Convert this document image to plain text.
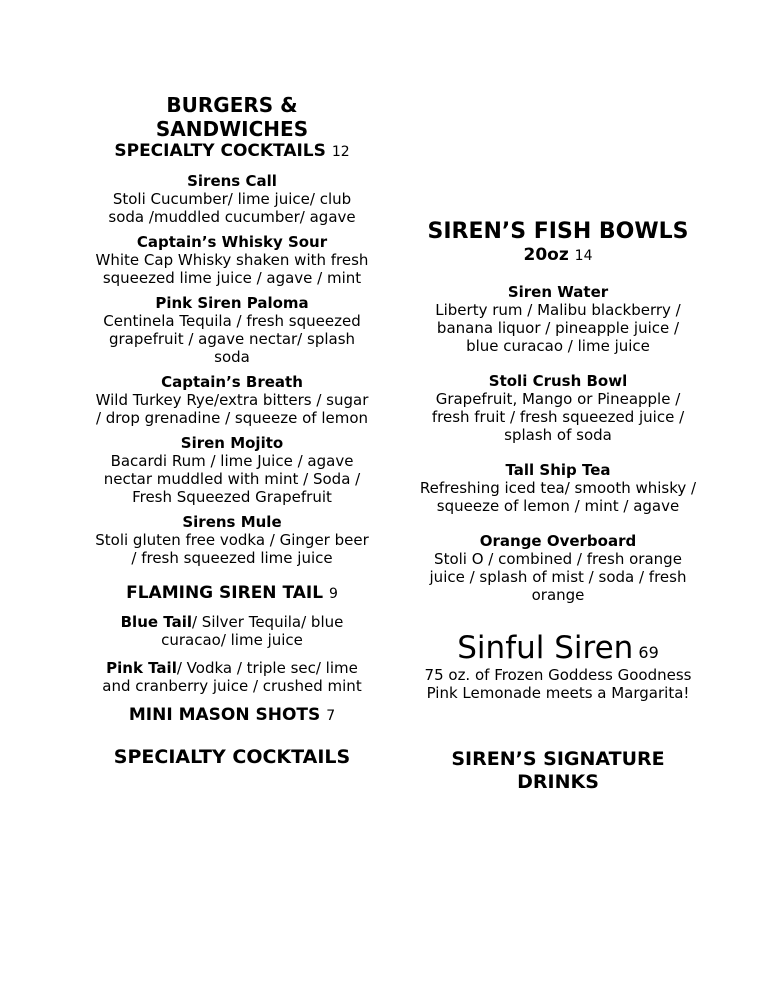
BURGERS & SANDWICHES
SPECIALTY COCKTAILS 12
Sirens Call
Stoli Cucumber/ lime juice/ club soda /muddled cucumber/ agave
Captain’s Whisky Sour
White Cap Whisky shaken with fresh squeezed lime juice / agave / mint
Pink Siren Paloma
Centinela Tequila / fresh squeezed grapefruit / agave nectar/ splash soda
Captain’s Breath
Wild Turkey Rye/extra bitters / sugar / drop grenadine / squeeze of lemon
Siren Mojito
Bacardi Rum / lime Juice / agave nectar muddled with mint / Soda / Fresh Squeezed Grapefruit
Sirens Mule
Stoli gluten free vodka / Ginger beer / fresh squeezed lime juice
FLAMING SIREN TAIL 9
Blue Tail/ Silver Tequila/ blue curacao/ lime juice
Pink Tail/ Vodka / triple sec/ lime and cranberry juice / crushed mint
MINI MASON SHOTS 7
SPECIALTY COCKTAILS
SIREN’S FISH BOWLS
20oz 14
Siren Water
Liberty rum / Malibu blackberry / banana liquor / pineapple juice / blue curacao / lime juice
Stoli Crush Bowl
Grapefruit, Mango or Pineapple / fresh fruit / fresh squeezed juice / splash of soda
Tall Ship Tea
Refreshing iced tea/ smooth whisky / squeeze of lemon / mint / agave
Orange Overboard
Stoli O / combined / fresh orange juice / splash of mist / soda / fresh orange
Sinful Siren 69
75 oz. of Frozen Goddess Goodness
Pink Lemonade meets a Margarita!
SIREN’S SIGNATURE DRINKS
